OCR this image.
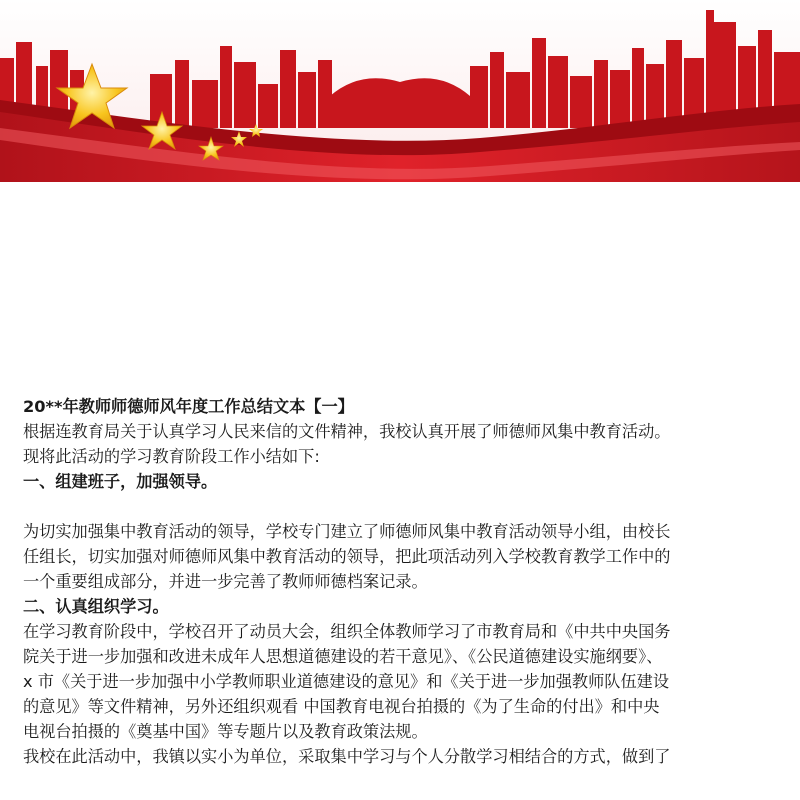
20**年教师师德师风年度工作总结文本【一】
根据连教育局关于认真学习人民来信的文件精神，我校认真开展了师德师风集中教育活动。
现将此活动的学习教育阶段工作小结如下:
一、组建班子，加强领导。
为切实加强集中教育活动的领导，学校专门建立了师德师风集中教育活动领导小组，由校长
任组长，切实加强对师德师风集中教育活动的领导，把此项活动列入学校教育教学工作中的
一个重要组成部分，并进一步完善了教师师德档案记录。
二、认真组织学习。
在学习教育阶段中，学校召开了动员大会，组织全体教师学习了市教育局和《中共中央国务
院关于进一步加强和改进未成年人思想道德建设的若干意见》、《公民道德建设实施纲要》、
x 市《关于进一步加强中小学教师职业道德建设的意见》和《关于进一步加强教师队伍建设
的意见》等文件精神，另外还组织观看 中国教育电视台拍摄的《为了生命的付出》和中央
电视台拍摄的《奠基中国》等专题片以及教育政策法规。
我校在此活动中，我镇以实小为单位，采取集中学习与个人分散学习相结合的方式，做到了
